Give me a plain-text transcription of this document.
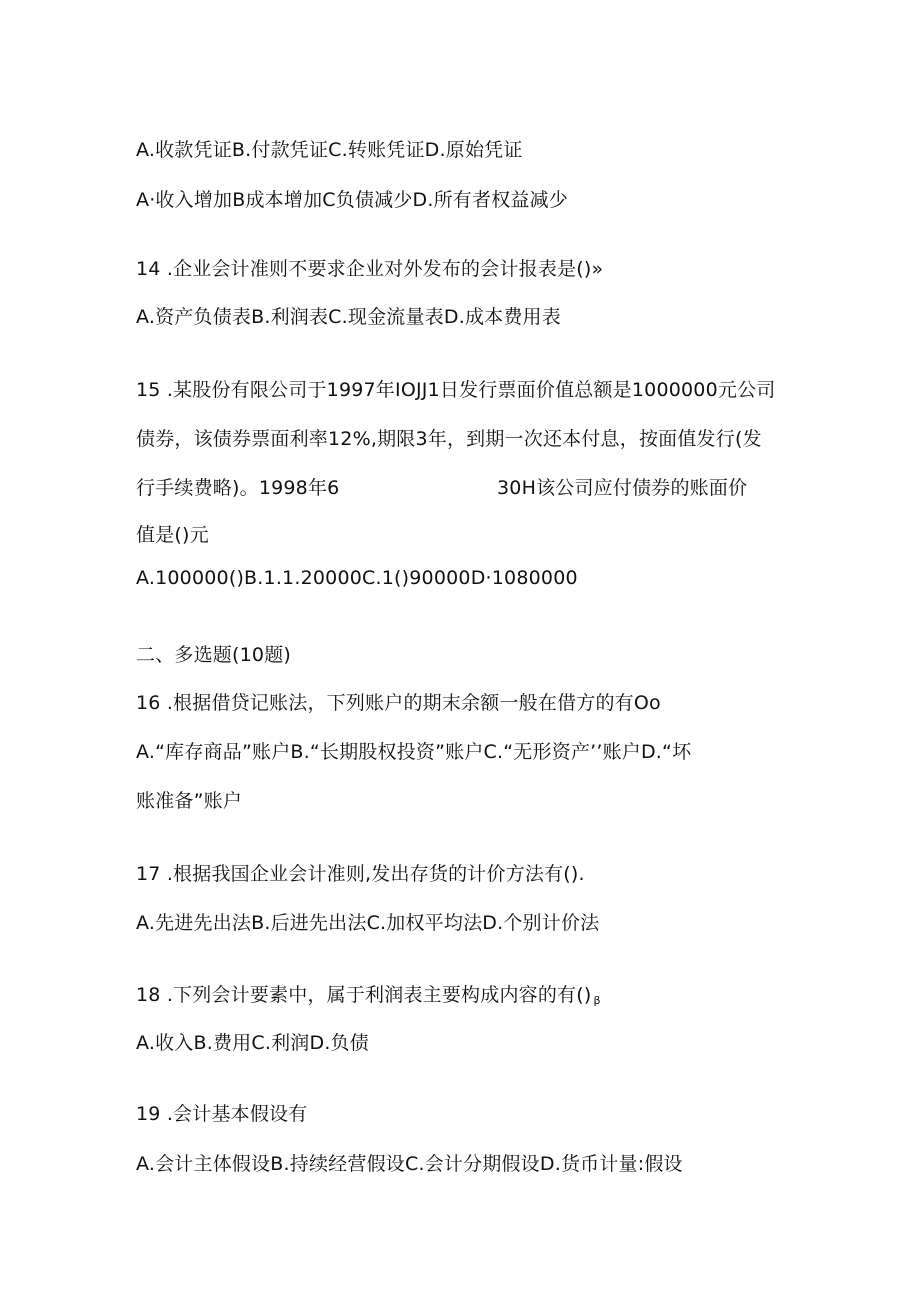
A.收款凭证B.付款凭证C.转账凭证D.原始凭证
A·收入增加B成本增加C负债减少D.所有者权益减少
14 .企业会计准则不要求企业对外发布的会计报表是()»
A.资产负债表B.利润表C.现金流量表D.成本费用表
15 .某股份有限公司于1997年IOJJ1日发行票面价值总额是1000000元公司
债券，该债券票面利率12%,期限3年，到期一次还本付息，按面值发行(发
行手续费略)。1998年6	30H该公司应付债券的账面价
值是()元
A.100000()B.1.1.20000C.1()90000D·1080000
二、多选题(10题)
16 .根据借贷记账法，下列账户的期末余额一般在借方的有Oo
A.“库存商品”账户B.“长期股权投资”账户C.“无形资产’’账户D.“坏
账准备”账户
17 .根据我国企业会计准则,发出存货的计价方法有().
A.先进先出法B.后进先出法C.加权平均法D.个别计价法
18 .下列会计要素中，属于利润表主要构成内容的有() $_\beta$
A.收入B.费用C.利润D.负债
19 .会计基本假设有
A.会计主体假设B.持续经营假设C.会计分期假设D.货币计量:假设
